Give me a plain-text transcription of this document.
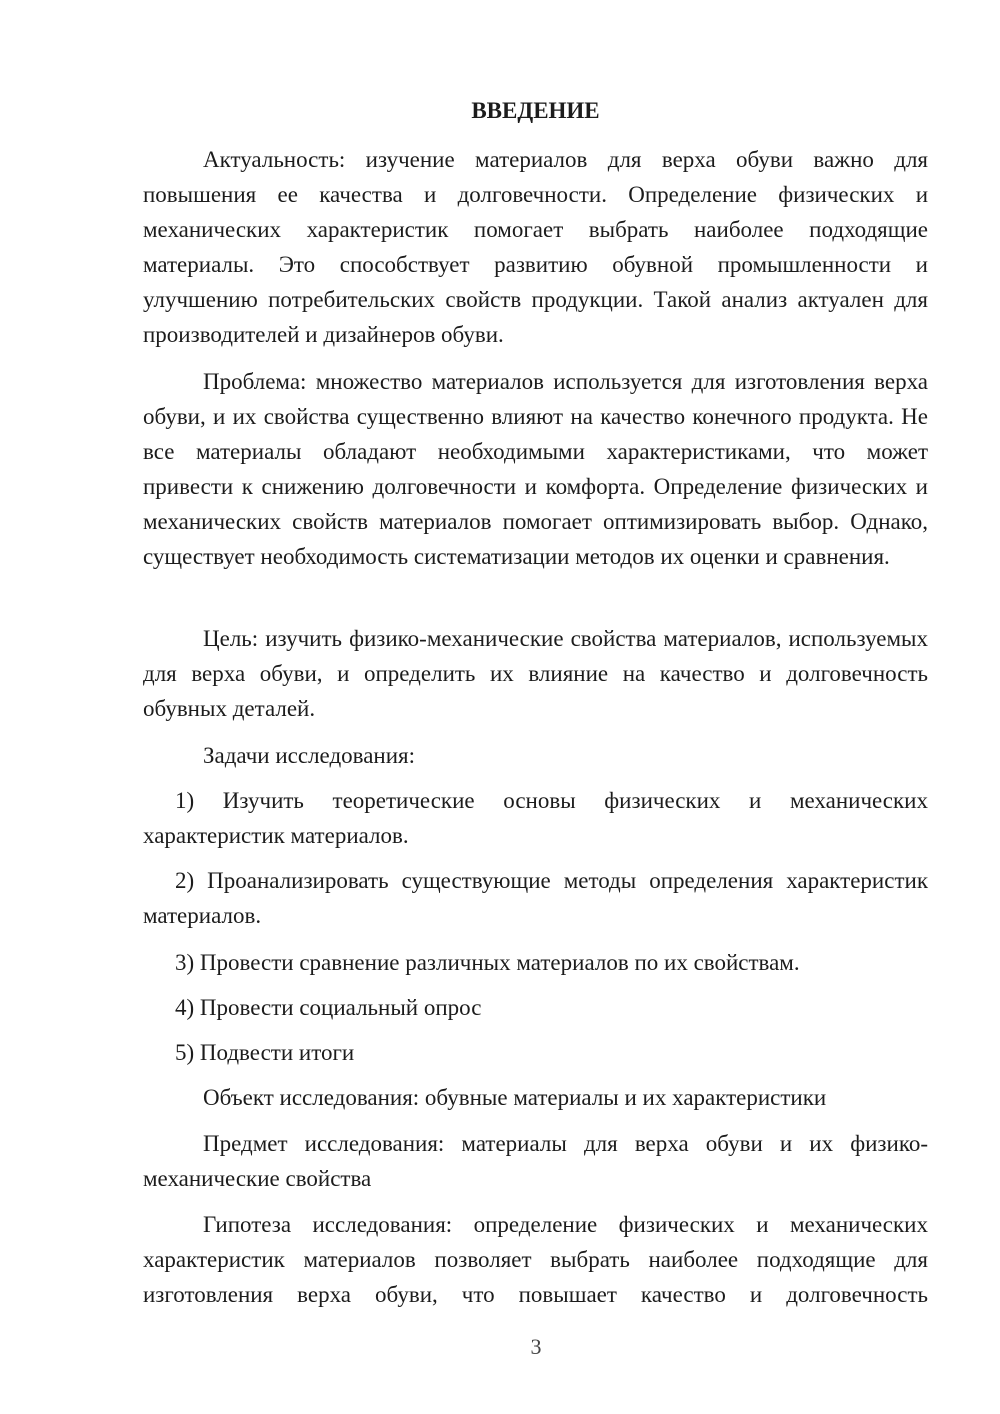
ВВЕДЕНИЕ

Актуальность: изучение материалов для верха обуви важно для повышения ее качества и долговечности. Определение физических и механических характеристик помогает выбрать наиболее подходящие материалы. Это способствует развитию обувной промышленности и улучшению потребительских свойств продукции. Такой анализ актуален для производителей и дизайнеров обуви.

Проблема: множество материалов используется для изготовления верха обуви, и их свойства существенно влияют на качество конечного продукта. Не все материалы обладают необходимыми характеристиками, что может привести к снижению долговечности и комфорта. Определение физических и механических свойств материалов помогает оптимизировать выбор. Однако, существует необходимость систематизации методов их оценки и сравнения.

Цель: изучить физико-механические свойства материалов, используемых для верха обуви, и определить их влияние на качество и долговечность обувных деталей.

Задачи исследования:

1) Изучить теоретические основы физических и механических характеристик материалов.

2) Проанализировать существующие методы определения характеристик материалов.

3) Провести сравнение различных материалов по их свойствам.

4) Провести социальный опрос

5) Подвести итоги

Объект исследования: обувные материалы и их характеристики

Предмет исследования: материалы для верха обуви и их физико-механические свойства

Гипотеза исследования: определение физических и механических характеристик материалов позволяет выбрать наиболее подходящие для изготовления верха обуви, что повышает качество и долговечность

3
